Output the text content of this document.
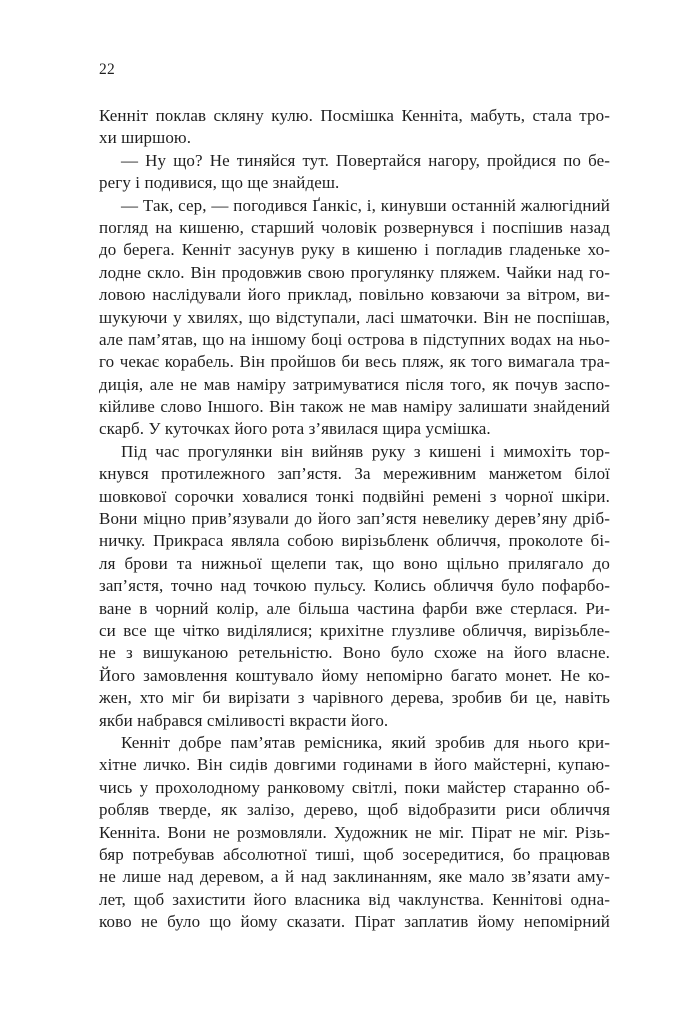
22
Кенніт поклав скляну кулю. Посмішка Кенніта, мабуть, стала тро-
хи ширшою.
— Ну що? Не тиняйся тут. Повертайся нагору, пройдися по бе-
регу і подивися, що ще знайдеш.
— Так, сер, — погодився Ґанкіс, і, кинувши останній жалюгідний
погляд на кишеню, старший чоловік розвернувся і поспішив назад
до берега. Кенніт засунув руку в кишеню і погладив гладеньке хо-
лодне скло. Він продовжив свою прогулянку пляжем. Чайки над го-
ловою наслідували його приклад, повільно ковзаючи за вітром, ви-
шукуючи у хвилях, що відступали, ласі шматочки. Він не поспішав,
але пам’ятав, що на іншому боці острова в підступних водах на ньо-
го чекає корабель. Він пройшов би весь пляж, як того вимагала тра-
диція, але не мав наміру затримуватися після того, як почув заспо-
кійливе слово Іншого. Він також не мав наміру залишати знайдений
скарб. У куточках його рота з’явилася щира усмішка.
Під час прогулянки він вийняв руку з кишені і мимохіть тор-
кнувся протилежного зап’ястя. За мереживним манжетом білої
шовкової сорочки ховалися тонкі подвійні ремені з чорної шкіри.
Вони міцно прив’язували до його зап’ястя невелику дерев’яну дріб-
ничку. Прикраса являла собою вирізьбленк обличчя, проколоте бі-
ля брови та нижньої щелепи так, що воно щільно прилягало до
зап’ястя, точно над точкою пульсу. Колись обличчя було пофарбо-
ване в чорний колір, але більша частина фарби вже стерлася. Ри-
си все ще чітко виділялися; крихітне глузливе обличчя, вирізьбле-
не з вишуканою ретельністю. Воно було схоже на його власне.
Його замовлення коштувало йому непомірно багато монет. Не ко-
жен, хто міг би вирізати з чарівного дерева, зробив би це, навіть
якби набрався сміливості вкрасти його.
Кенніт добре пам’ятав ремісника, який зробив для нього кри-
хітне личко. Він сидів довгими годинами в його майстерні, купаю-
чись у прохолодному ранковому світлі, поки майстер старанно об-
робляв тверде, як залізо, дерево, щоб відобразити риси обличчя
Кенніта. Вони не розмовляли. Художник не міг. Пірат не міг. Різь-
бяр потребував абсолютної тиші, щоб зосередитися, бо працював
не лише над деревом, а й над заклинанням, яке мало зв’язати аму-
лет, щоб захистити його власника від чаклунства. Кеннітові одна-
ково не було що йому сказати. Пірат заплатив йому непомірний
